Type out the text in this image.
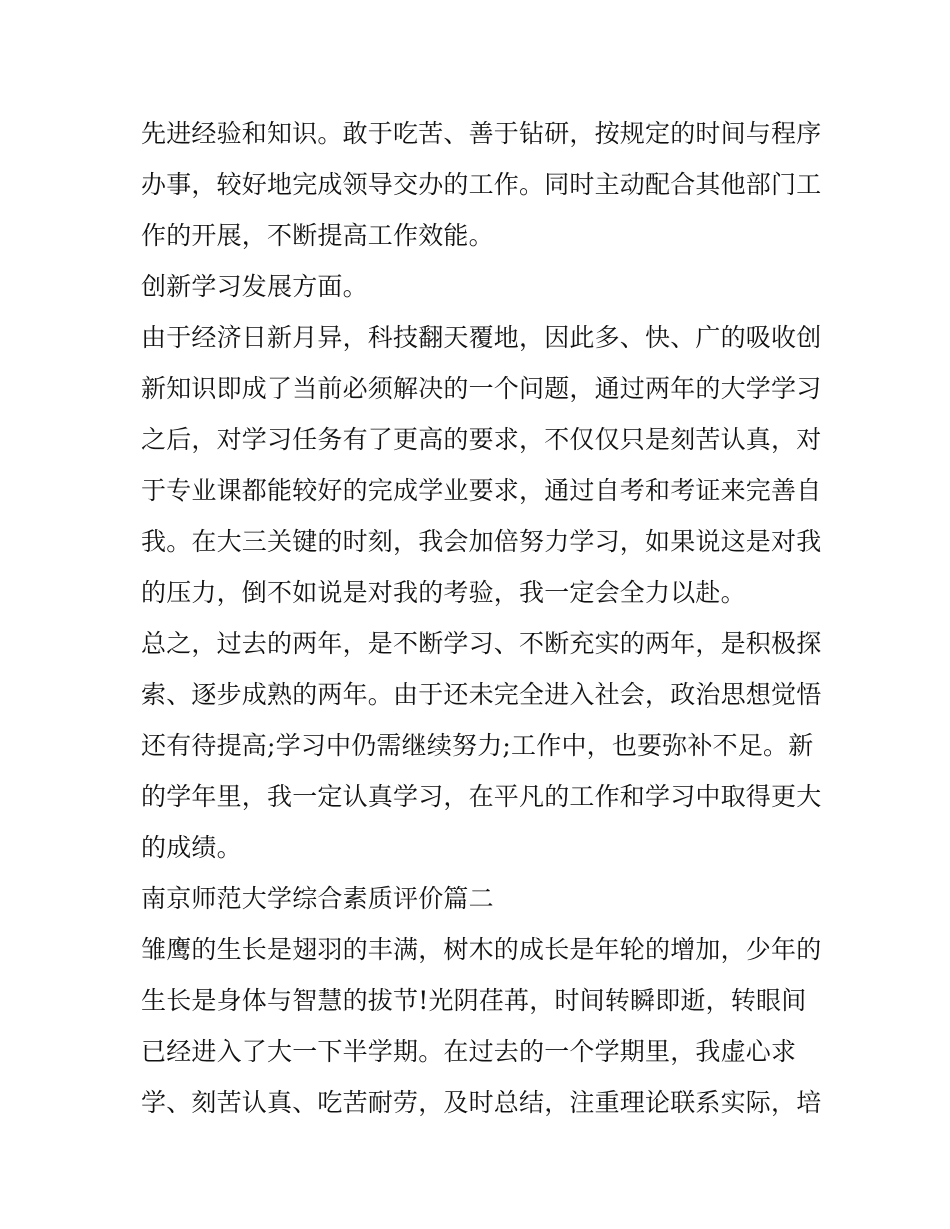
先进经验和知识。敢于吃苦、善于钻研，按规定的时间与程序
办事，较好地完成领导交办的工作。同时主动配合其他部门工
作的开展，不断提高工作效能。
创新学习发展方面。
由于经济日新月异，科技翻天覆地，因此多、快、广的吸收创
新知识即成了当前必须解决的一个问题，通过两年的大学学习
之后，对学习任务有了更高的要求，不仅仅只是刻苦认真，对
于专业课都能较好的完成学业要求，通过自考和考证来完善自
我。在大三关键的时刻，我会加倍努力学习，如果说这是对我
的压力，倒不如说是对我的考验，我一定会全力以赴。
总之，过去的两年，是不断学习、不断充实的两年，是积极探
索、逐步成熟的两年。由于还未完全进入社会，政治思想觉悟
还有待提高;学习中仍需继续努力;工作中，也要弥补不足。新
的学年里，我一定认真学习，在平凡的工作和学习中取得更大
的成绩。
南京师范大学综合素质评价篇二
雏鹰的生长是翅羽的丰满，树木的成长是年轮的增加，少年的
生长是身体与智慧的拔节!光阴荏苒，时间转瞬即逝，转眼间
已经进入了大一下半学期。在过去的一个学期里，我虚心求
学、刻苦认真、吃苦耐劳，及时总结，注重理论联系实际，培
